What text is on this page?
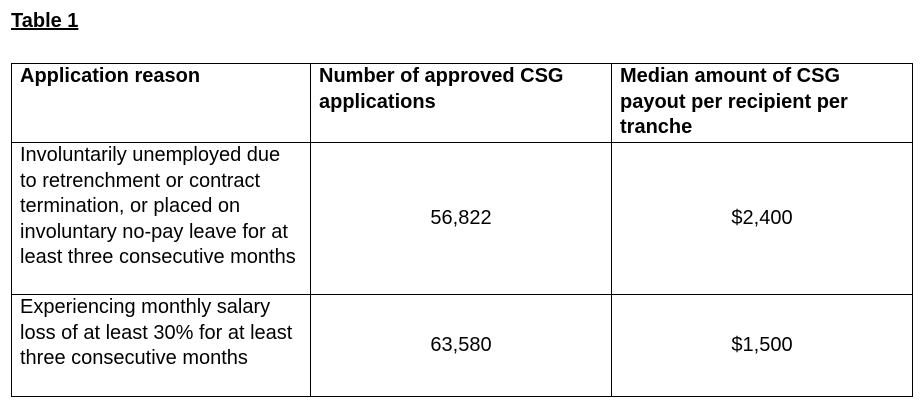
Table 1
Application reason	Number of approved CSG applications	Median amount of CSG payout per recipient per tranche
Involuntarily unemployed due to retrenchment or contract termination, or placed on involuntary no-pay leave for at least three consecutive months	56,822	$2,400
Experiencing monthly salary loss of at least 30% for at least three consecutive months	63,580	$1,500
